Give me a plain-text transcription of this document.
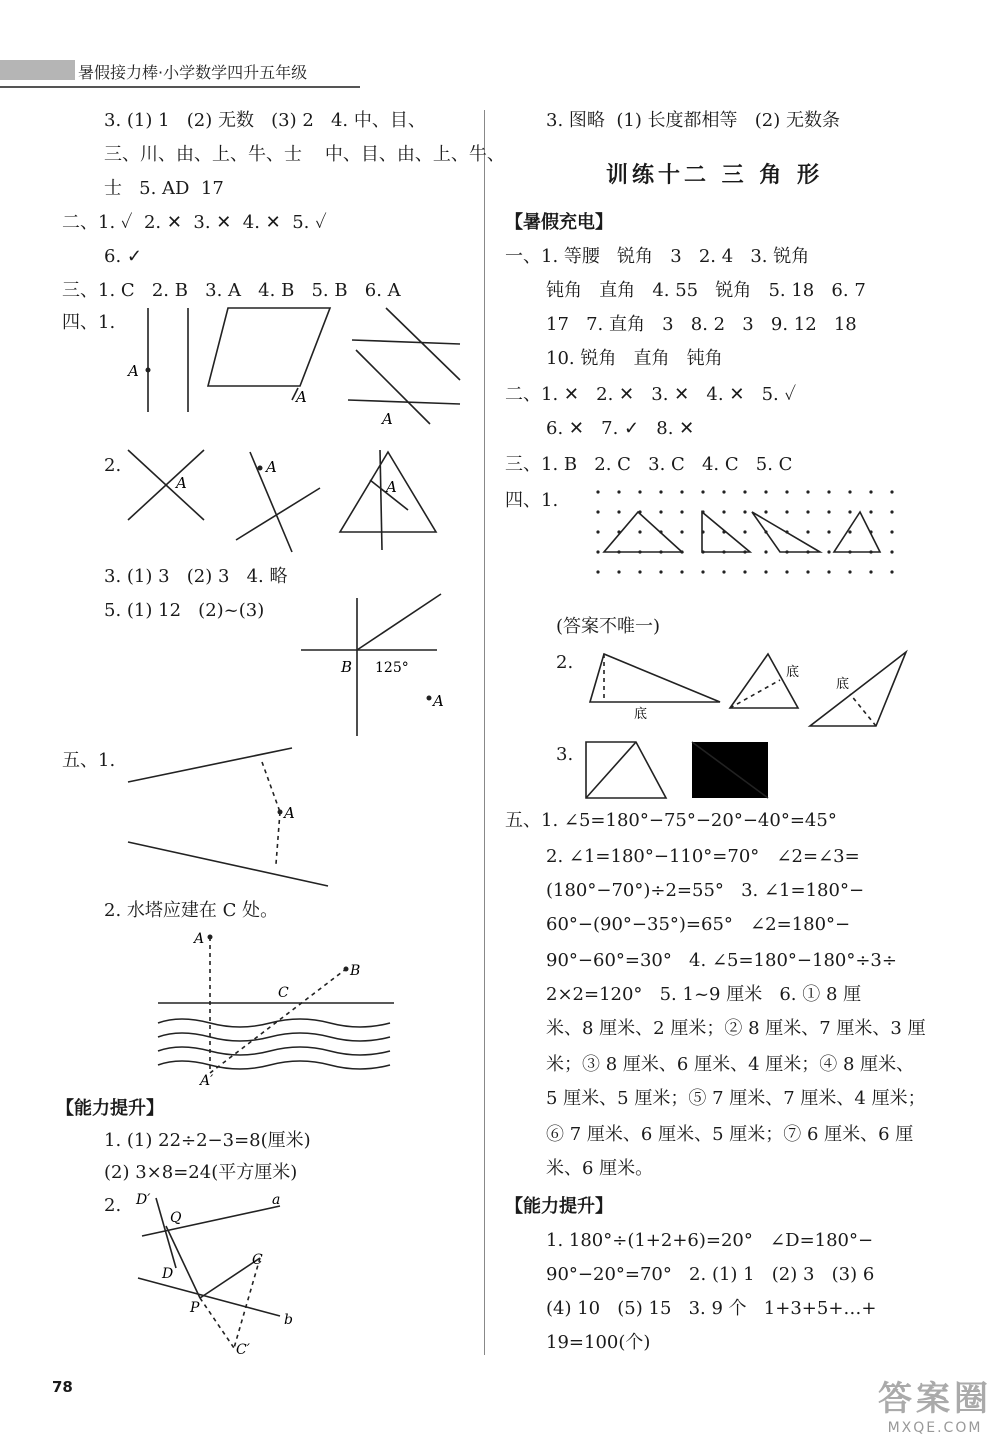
暑假接力棒·小学数学四升五年级
3. (1) 1   (2) 无数   (3) 2   4. 中、目、
三、川、由、上、牛、士    中、目、由、上、牛、
士   5. AD  17
二、1. ✓  2. ✕  3. ✕  4. ✕  5. ✓
6. ✓
三、1. C   2. B   3. A   4. B   5. B   6. A
四、1.
2.
3. (1) 3   (2) 3   4. 略
5. (1) 12   (2)~(3)
五、1.
2. 水塔应建在 C 处。
【能力提升】
1. (1) 22÷2−3=8(厘米)
(2) 3×8=24(平方厘米)
2.
A
A
A
A
A
A
B 125°
A
A
A
B
C
A′
D′
Q
D
P
C
C′
a
b
3. 图略  (1) 长度都相等   (2) 无数条
训练十二 三 角 形
【暑假充电】
一、1. 等腰   锐角   3   2. 4   3. 锐角
钝角   直角   4. 55   锐角   5. 18   6. 7
17   7. 直角   3   8. 2   3   9. 12   18
10. 锐角   直角   钝角
二、1. ✕   2. ✕   3. ✕   4. ✕   5. ✓
6. ✕   7. ✓   8. ✕
三、1. B   2. C   3. C   4. C   5. C
四、1.
(答案不唯一)
2.
3.
五、1. ∠5=180°−75°−20°−40°=45°
2. ∠1=180°−110°=70°   ∠2=∠3=
(180°−70°)÷2=55°   3. ∠1=180°−
60°−(90°−35°)=65°   ∠2=180°−
90°−60°=30°   4. ∠5=180°−180°÷3÷
2×2=120°   5. 1~9 厘米   6. ① 8 厘
米、8 厘米、2 厘米；② 8 厘米、7 厘米、3 厘
米；③ 8 厘米、6 厘米、4 厘米；④ 8 厘米、
5 厘米、5 厘米；⑤ 7 厘米、7 厘米、4 厘米；
⑥ 7 厘米、6 厘米、5 厘米；⑦ 6 厘米、6 厘
米、6 厘米。
【能力提升】
1. 180°÷(1+2+6)=20°   ∠D=180°−
90°−20°=70°   2. (1) 1   (2) 3   (3) 6
(4) 10   (5) 15   3. 9 个   1+3+5+…+
19=100(个)
底
底
底
78	答案圈
MXQE.COM
